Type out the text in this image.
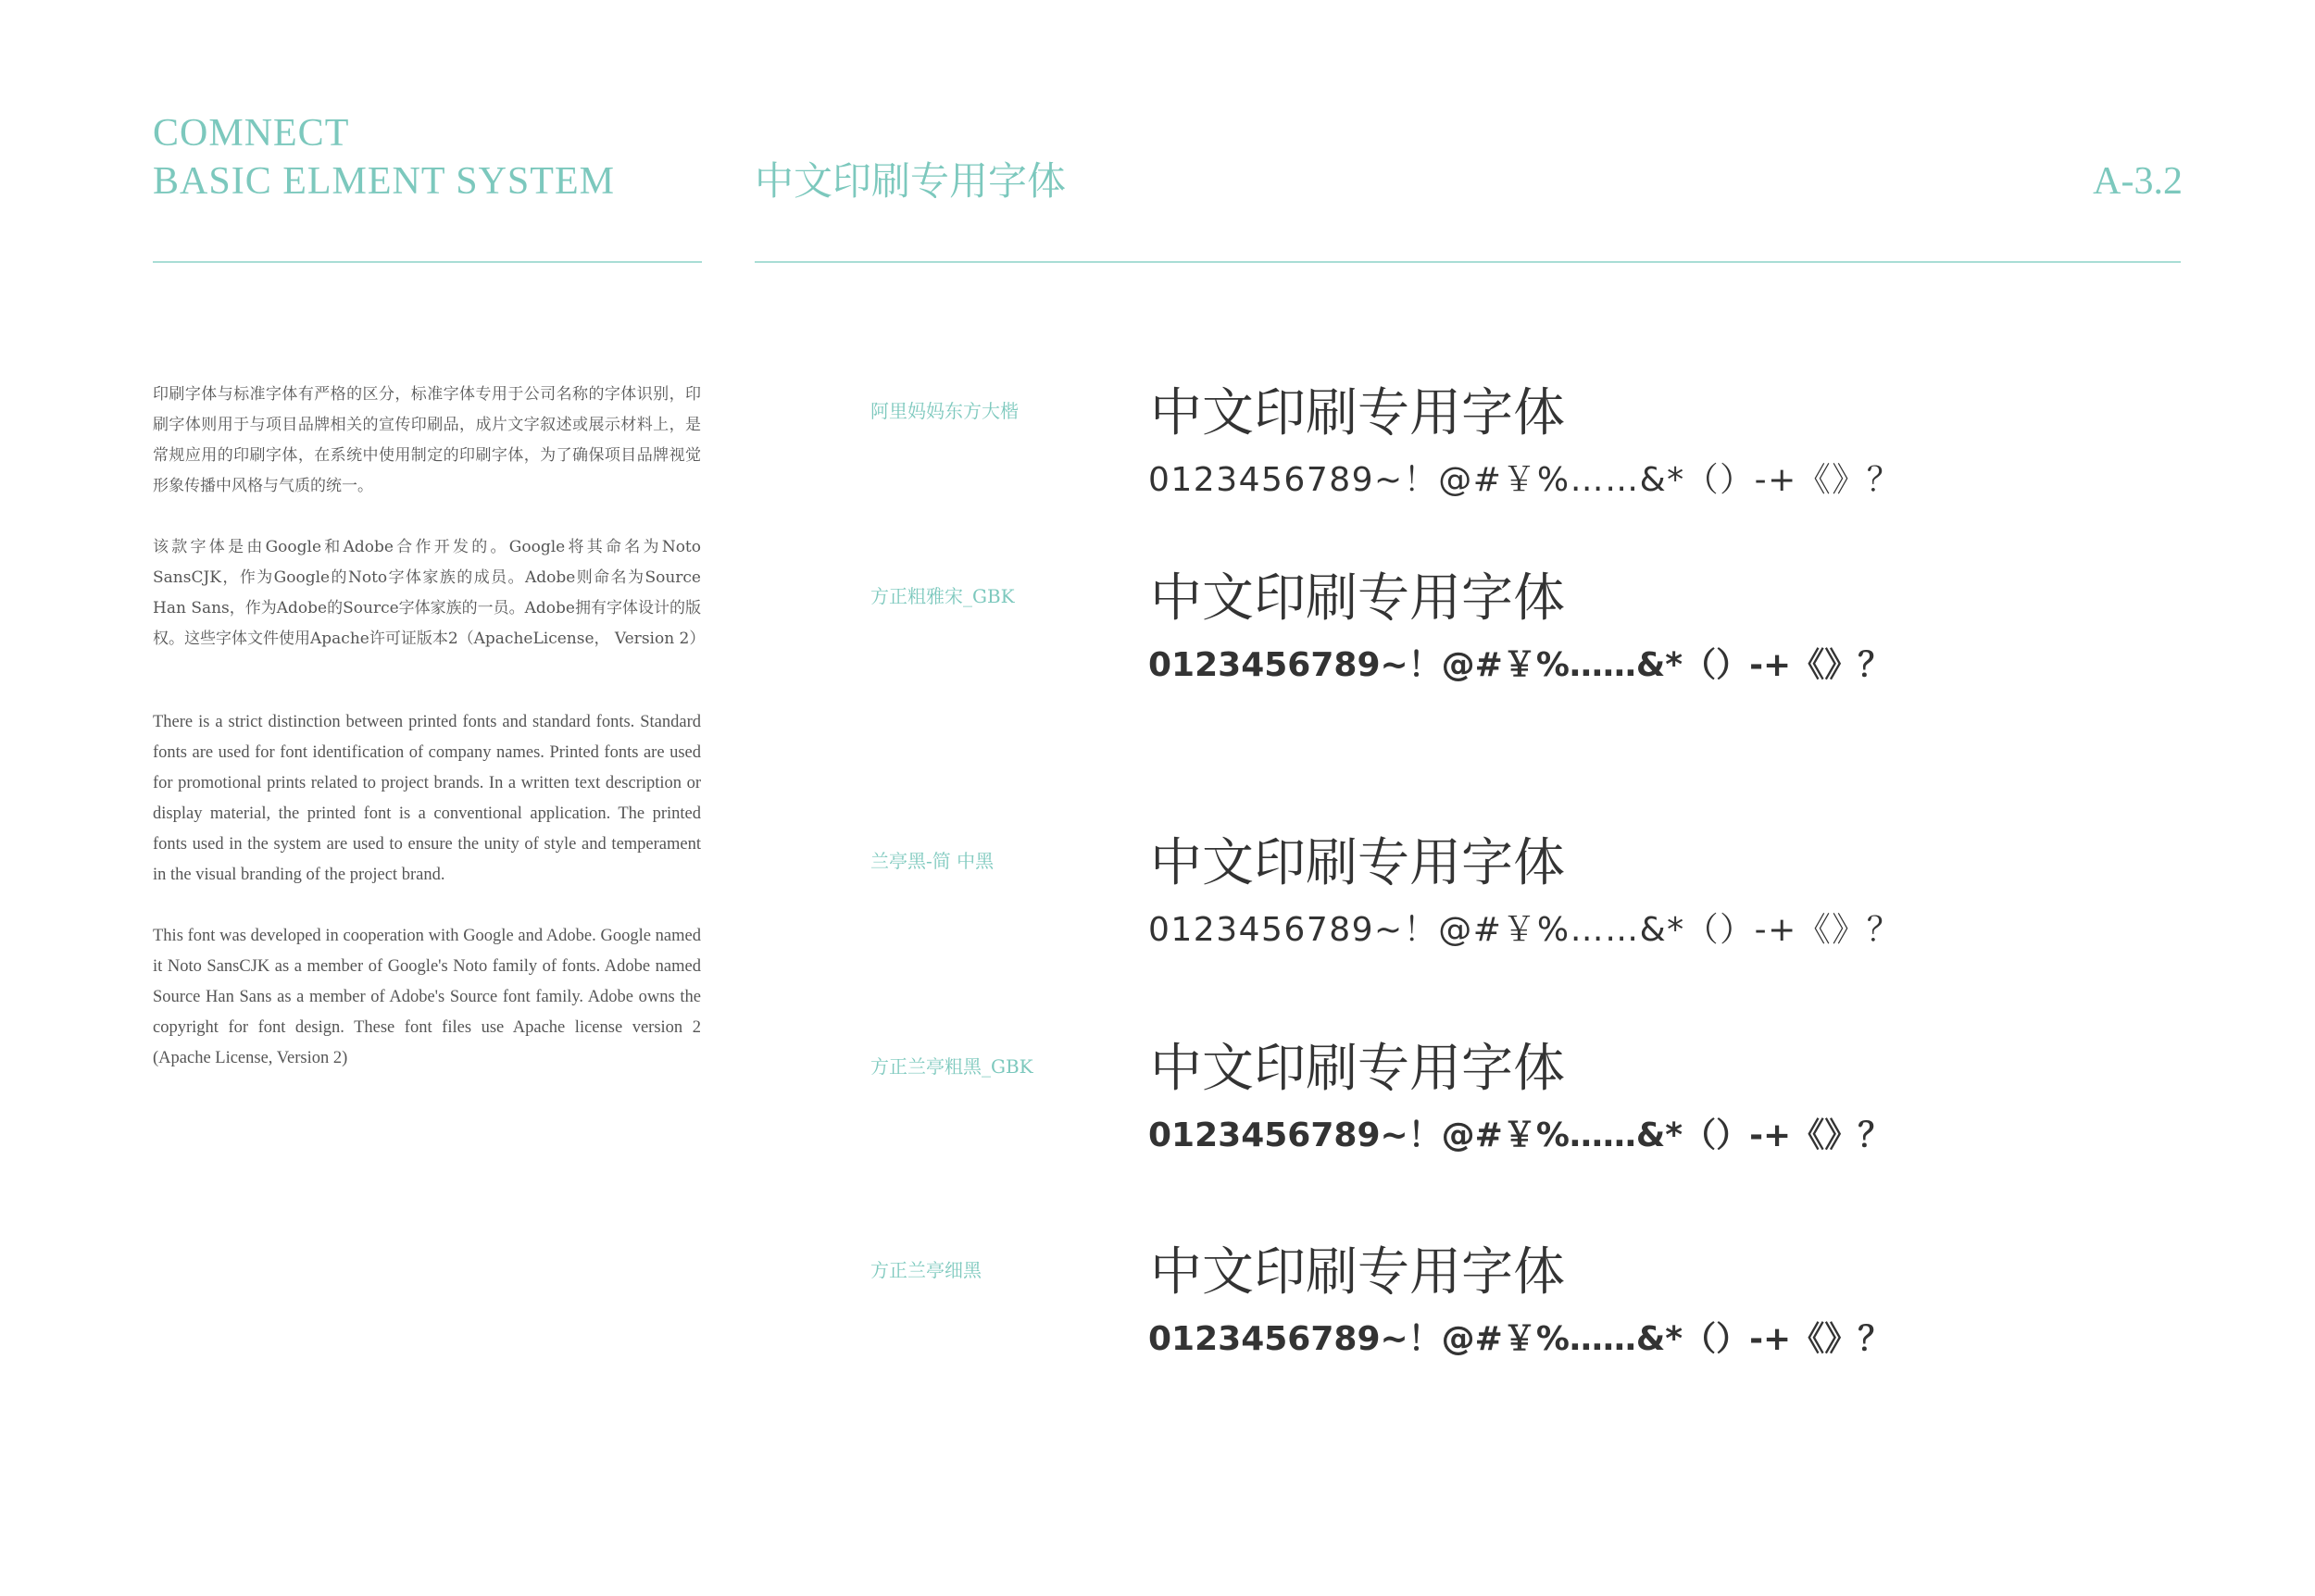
COMNECT
BASIC ELMENT SYSTEM	中文印刷专用字体	A-3.2

印刷字体与标准字体有严格的区分，标准字体专用于公司名称的字体识别，印刷字体则用于与项目品牌相关的宣传印刷品，成片文字叙述或展示材料上，是常规应用的印刷字体，在系统中使用制定的印刷字体，为了确保项目品牌视觉形象传播中风格与气质的统一。

该款字体是由Google和Adobe合作开发的。Google将其命名为Noto SansCJK，作为Google的Noto字体家族的成员。Adobe则命名为Source Han Sans，作为Adobe的Source字体家族的一员。Adobe拥有字体设计的版权。这些字体文件使用Apache许可证版本2（ApacheLicense， Version 2）

There is a strict distinction between printed fonts and standard fonts. Standard fonts are used for font identification of company names. Printed fonts are used for promotional prints related to project brands. In a written text description or display material, the printed font is a conventional application. The printed fonts used in the system are used to ensure the unity of style and temperament in the visual branding of the project brand.

This font was developed in cooperation with Google and Adobe. Google named it Noto SansCJK as a member of Google's Noto family of fonts. Adobe named Source Han Sans as a member of Adobe's Source font family. Adobe owns the copyright for font design. These font files use Apache license version 2 (Apache License, Version 2)

阿里妈妈东方大楷	中文印刷专用字体
0123456789~！@#￥%……&*（）-+《》？
方正粗雅宋_GBK	中文印刷专用字体
0123456789~！@#￥%……&*（）-+《》？
兰亭黑-简 中黑	中文印刷专用字体
0123456789~！@#￥%……&*（）-+《》？
方正兰亭粗黑_GBK 中文印刷专用字体
0123456789~！@#￥%……&*（）-+《》？
方正兰亭细黑	中文印刷专用字体
0123456789~！@#￥%……&*（）-+《》？
